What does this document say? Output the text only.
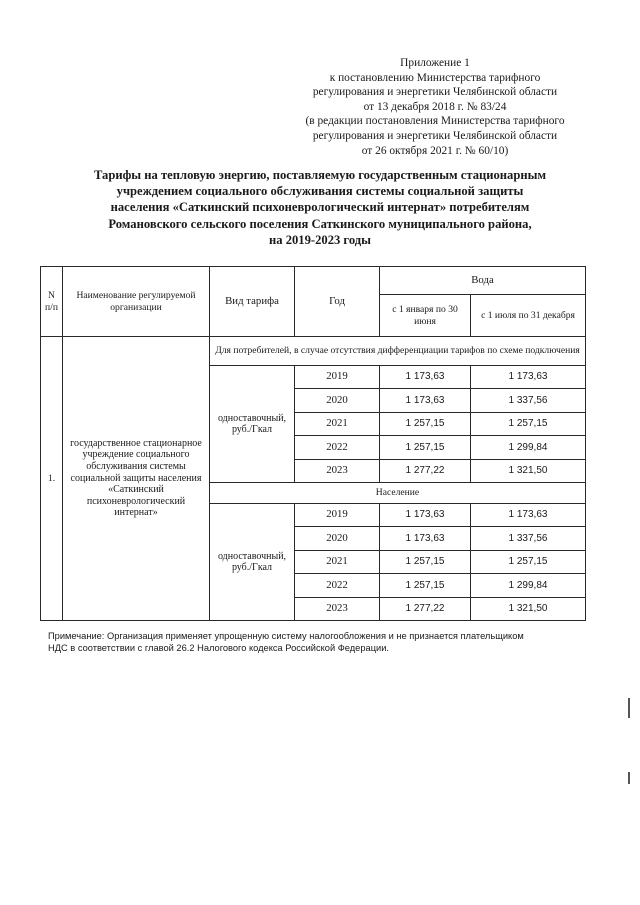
Приложение 1
к постановлению Министерства тарифного
регулирования и энергетики Челябинской области
от 13 декабря 2018 г. № 83/24
(в редакции постановления Министерства тарифного
регулирования и энергетики Челябинской области
от 26 октября 2021 г. № 60/10)
Тарифы на тепловую энергию, поставляемую государственным стационарным
учреждением социального обслуживания системы социальной защиты
населения «Саткинский психоневрологический интернат» потребителям
Романовского сельского поселения Саткинского муниципального района,
на 2019-2023 годы
N п/п	Наименование регулируемой организации	Вид тарифа	Год	Вода	
				с 1 января по 30 июня	с 1 июля по 31 декабря
1.	государственное стационарное учреждение социального обслуживания системы социальной защиты населения «Саткинский психоневрологический интернат»	Для потребителей, в случае отсутствия дифференциации тарифов по схеме подключения			
		одноставочный, руб./Гкал	2019	1 173,63	1 173,63
			2020	1 173,63	1 337,56
			2021	1 257,15	1 257,15
			2022	1 257,15	1 299,84
			2023	1 277,22	1 321,50
		Население			
		одноставочный, руб./Гкал	2019	1 173,63	1 173,63
			2020	1 173,63	1 337,56
			2021	1 257,15	1 257,15
			2022	1 257,15	1 299,84
			2023	1 277,22	1 321,50
Примечание: Организация применяет упрощенную систему налогообложения и не признается плательщиком
НДС в соответствии с главой 26.2 Налогового кодекса Российской Федерации.
